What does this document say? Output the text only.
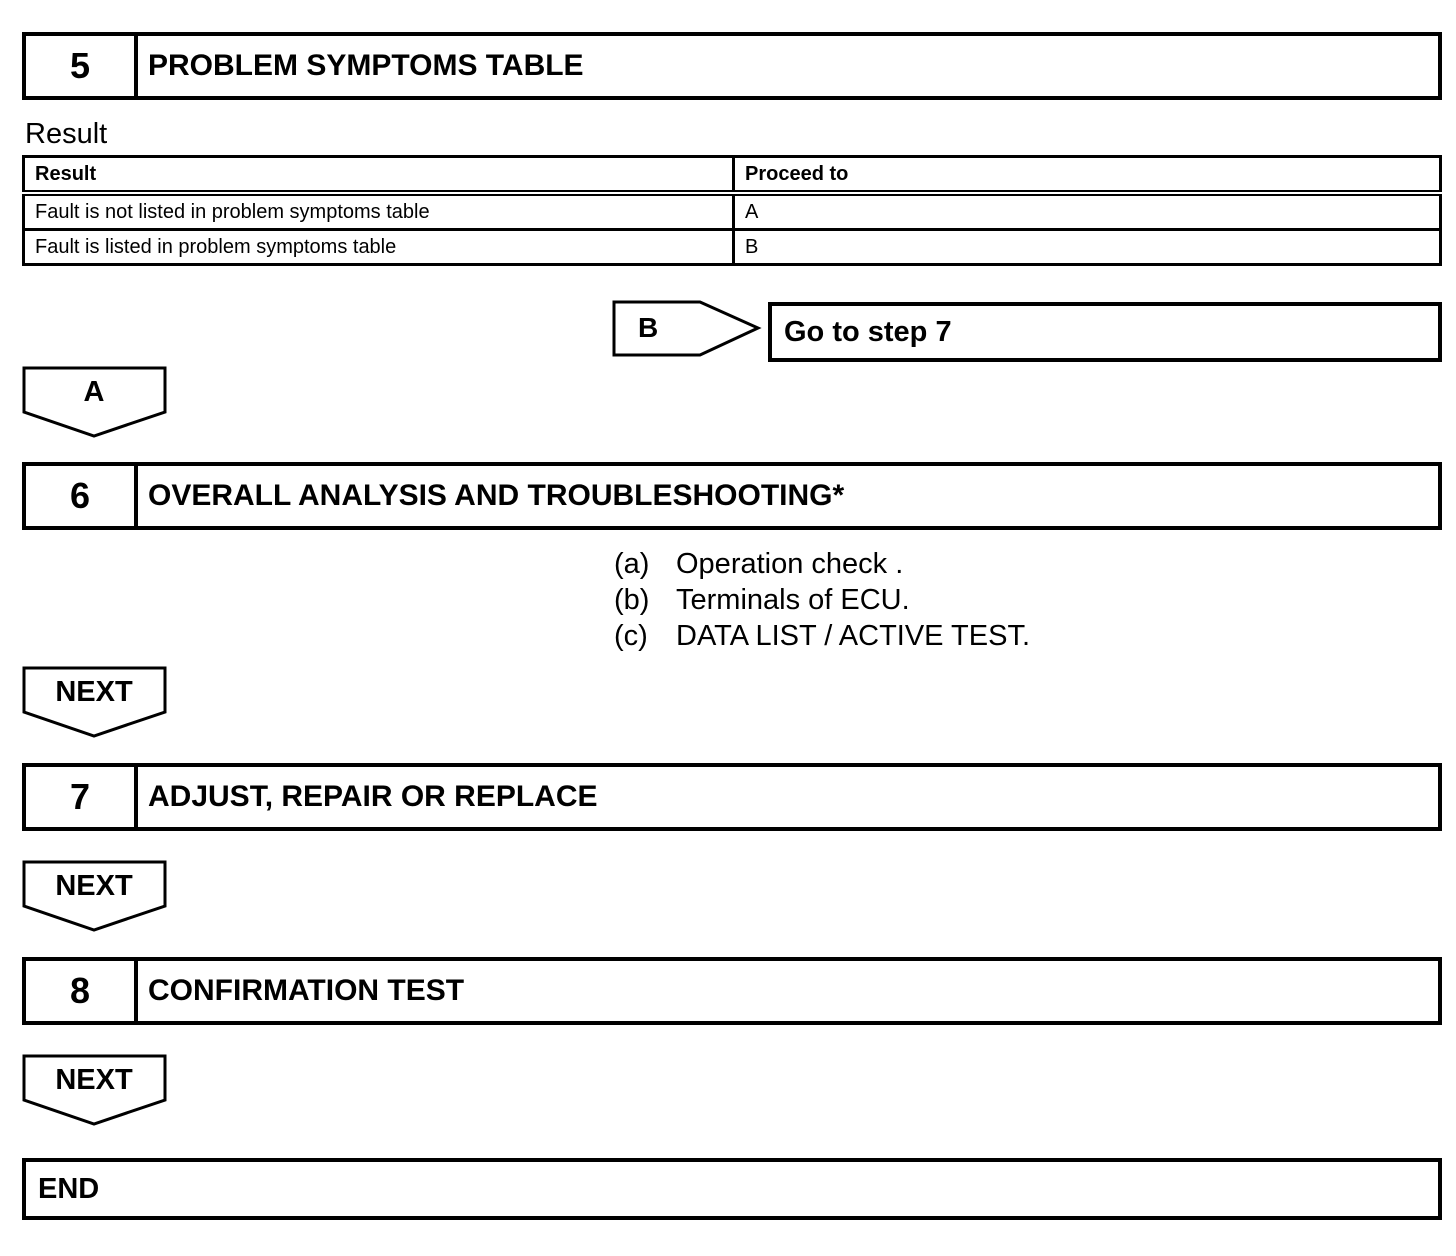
5	PROBLEM SYMPTOMS TABLE
Result
Result	Proceed to
Fault is not listed in problem symptoms table	A
Fault is listed in problem symptoms table	B
B	Go to step 7
A
6	OVERALL ANALYSIS AND TROUBLESHOOTING*
(a) Operation check .
(b) Terminals of ECU.
(c) DATA LIST / ACTIVE TEST.
NEXT
7	ADJUST, REPAIR OR REPLACE
NEXT
8	CONFIRMATION TEST
NEXT
END
